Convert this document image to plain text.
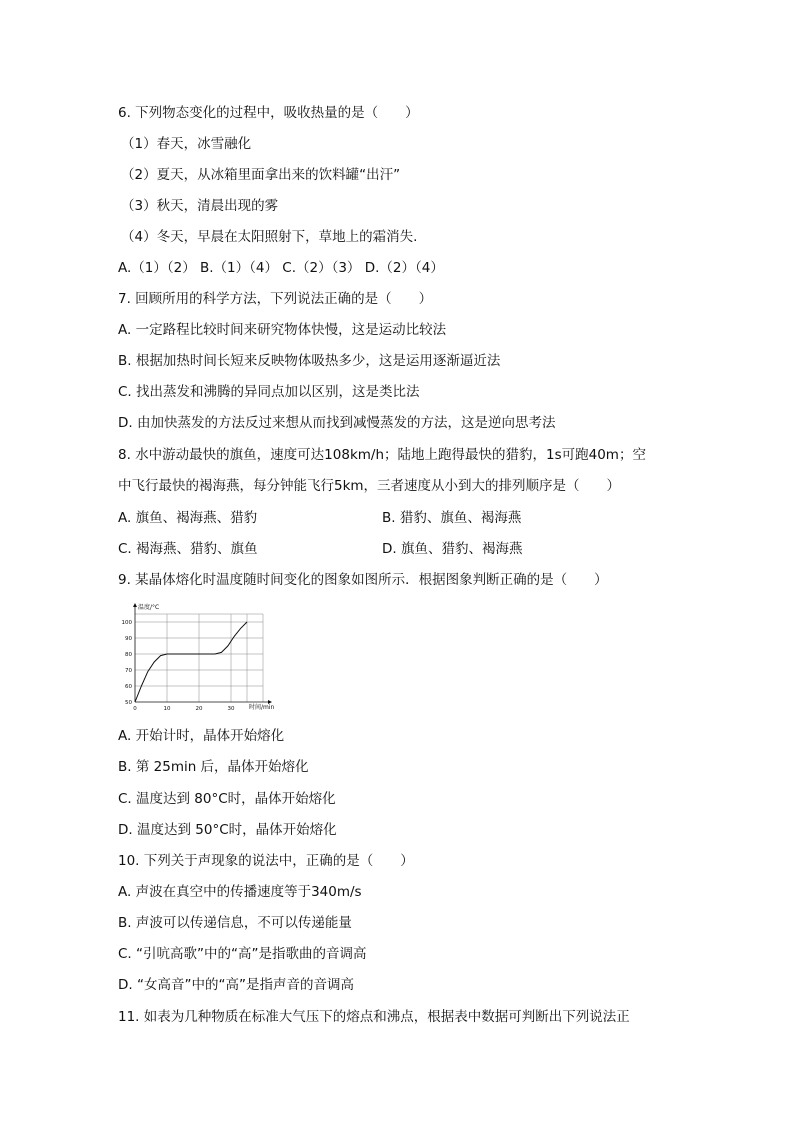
6. 下列物态变化的过程中，吸收热量的是（　　）
（1）春天，冰雪融化
（2）夏天，从冰箱里面拿出来的饮料罐“出汗”
（3）秋天，清晨出现的雾
（4）冬天，早晨在太阳照射下，草地上的霜消失.
A.（1）（2） B.（1）（4） C.（2）（3） D.（2）（4）
7. 回顾所用的科学方法，下列说法正确的是（　　）
A. 一定路程比较时间来研究物体快慢，这是运动比较法
B. 根据加热时间长短来反映物体吸热多少，这是运用逐渐逼近法
C. 找出蒸发和沸腾的异同点加以区别，这是类比法
D. 由加快蒸发的方法反过来想从而找到减慢蒸发的方法，这是逆向思考法
8. 水中游动最快的旗鱼，速度可达108km/h；陆地上跑得最快的猎豹，1s可跑40m；空
中飞行最快的褐海燕，每分钟能飞行5km，三者速度从小到大的排列顺序是（　　）
A. 旗鱼、褐海燕、猎豹	B. 猎豹、旗鱼、褐海燕
C. 褐海燕、猎豹、旗鱼	D. 旗鱼、猎豹、褐海燕
9. 某晶体熔化时温度随时间变化的图象如图所示．根据图象判断正确的是（　　）
50
60
70
80
90
100
0	10	20	30
温度/°C
时间/min
A. 开始计时，晶体开始熔化
B. 第 25min 后，晶体开始熔化
C. 温度达到 80°C时，晶体开始熔化
D. 温度达到 50°C时，晶体开始熔化
10. 下列关于声现象的说法中，正确的是（　　）
A. 声波在真空中的传播速度等于340m/s
B. 声波可以传递信息，不可以传递能量
C. “引吭高歌”中的“高”是指歌曲的音调高
D. “女高音”中的“高”是指声音的音调高
11. 如表为几种物质在标准大气压下的熔点和沸点，根据表中数据可判断出下列说法正
